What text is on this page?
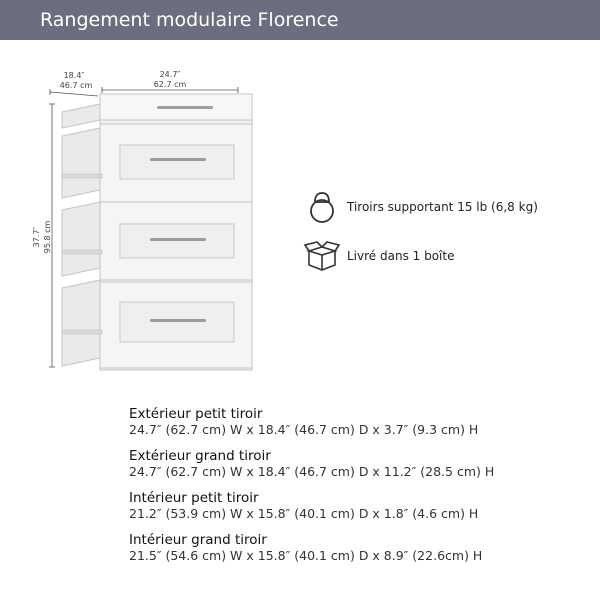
Rangement modulaire Florence
24.7″
62.7 cm
18.4″
46.7 cm
37.7″ 95.8 cm
Tiroirs supportant 15 lb (6,8 kg)
Livré dans 1 boîte
Extérieur petit tiroir
24.7″ (62.7 cm) W x 18.4″ (46.7 cm) D x 3.7″ (9.3 cm) H
Extérieur grand tiroir
24.7″ (62.7 cm) W x 18.4″ (46.7 cm) D x 11.2″ (28.5 cm) H
Intérieur petit tiroir
21.2″ (53.9 cm) W x 15.8″ (40.1 cm) D x 1.8″ (4.6 cm) H
Intérieur grand tiroir
21.5″ (54.6 cm) W x 15.8″ (40.1 cm) D x 8.9″ (22.6cm) H
